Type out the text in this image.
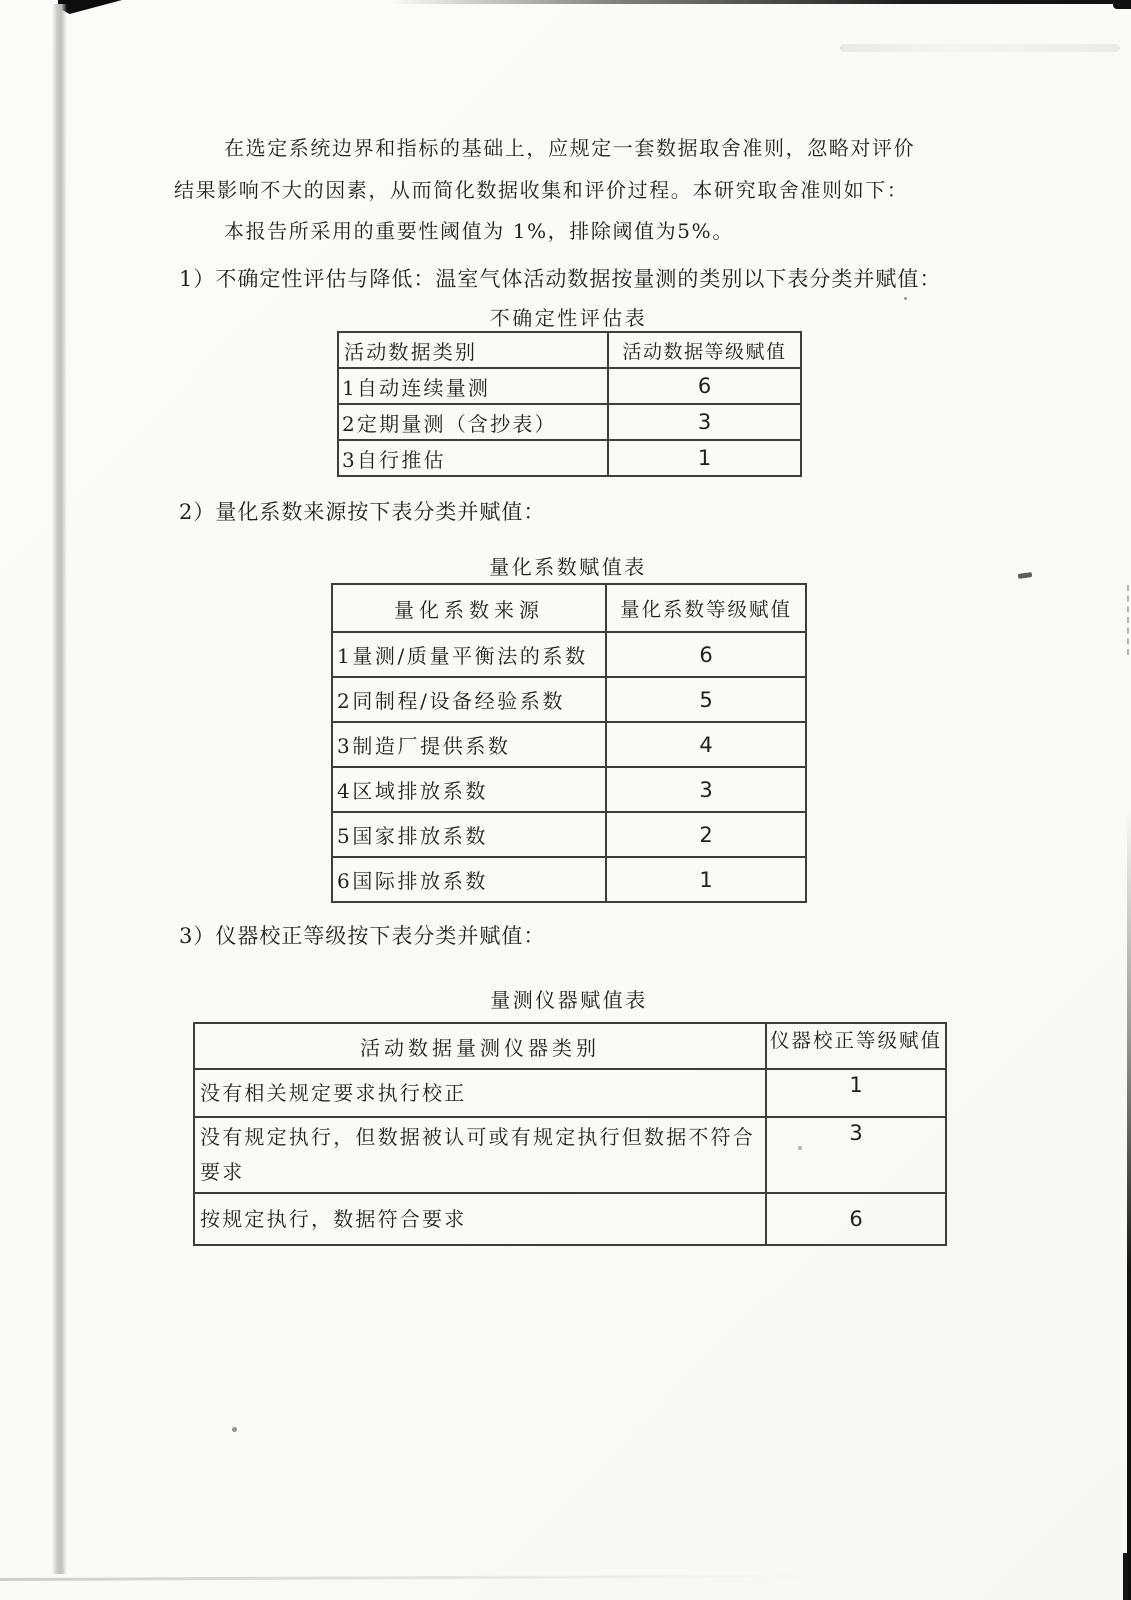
在选定系统边界和指标的基础上，应规定一套数据取舍准则，忽略对评价
结果影响不大的因素，从而简化数据收集和评价过程。本研究取舍准则如下：
本报告所采用的重要性阈值为 1%，排除阈值为5%。
1）不确定性评估与降低：温室气体活动数据按量测的类别以下表分类并赋值：
不确定性评估表
活动数据类别	活动数据等级赋值
1自动连续量测	6
2定期量测（含抄表）	3
3自行推估	1
2）量化系数来源按下表分类并赋值：
量化系数赋值表
量化系数来源	量化系数等级赋值
1量测/质量平衡法的系数	6
2同制程/设备经验系数	5
3制造厂提供系数	4
4区域排放系数	3
5国家排放系数	2
6国际排放系数	1
3）仪器校正等级按下表分类并赋值：
量测仪器赋值表
活动数据量测仪器类别	仪器校正等级赋值
没有相关规定要求执行校正	1
没有规定执行，但数据被认可或有规定执行但数据不符合要求	3
按规定执行，数据符合要求	6
